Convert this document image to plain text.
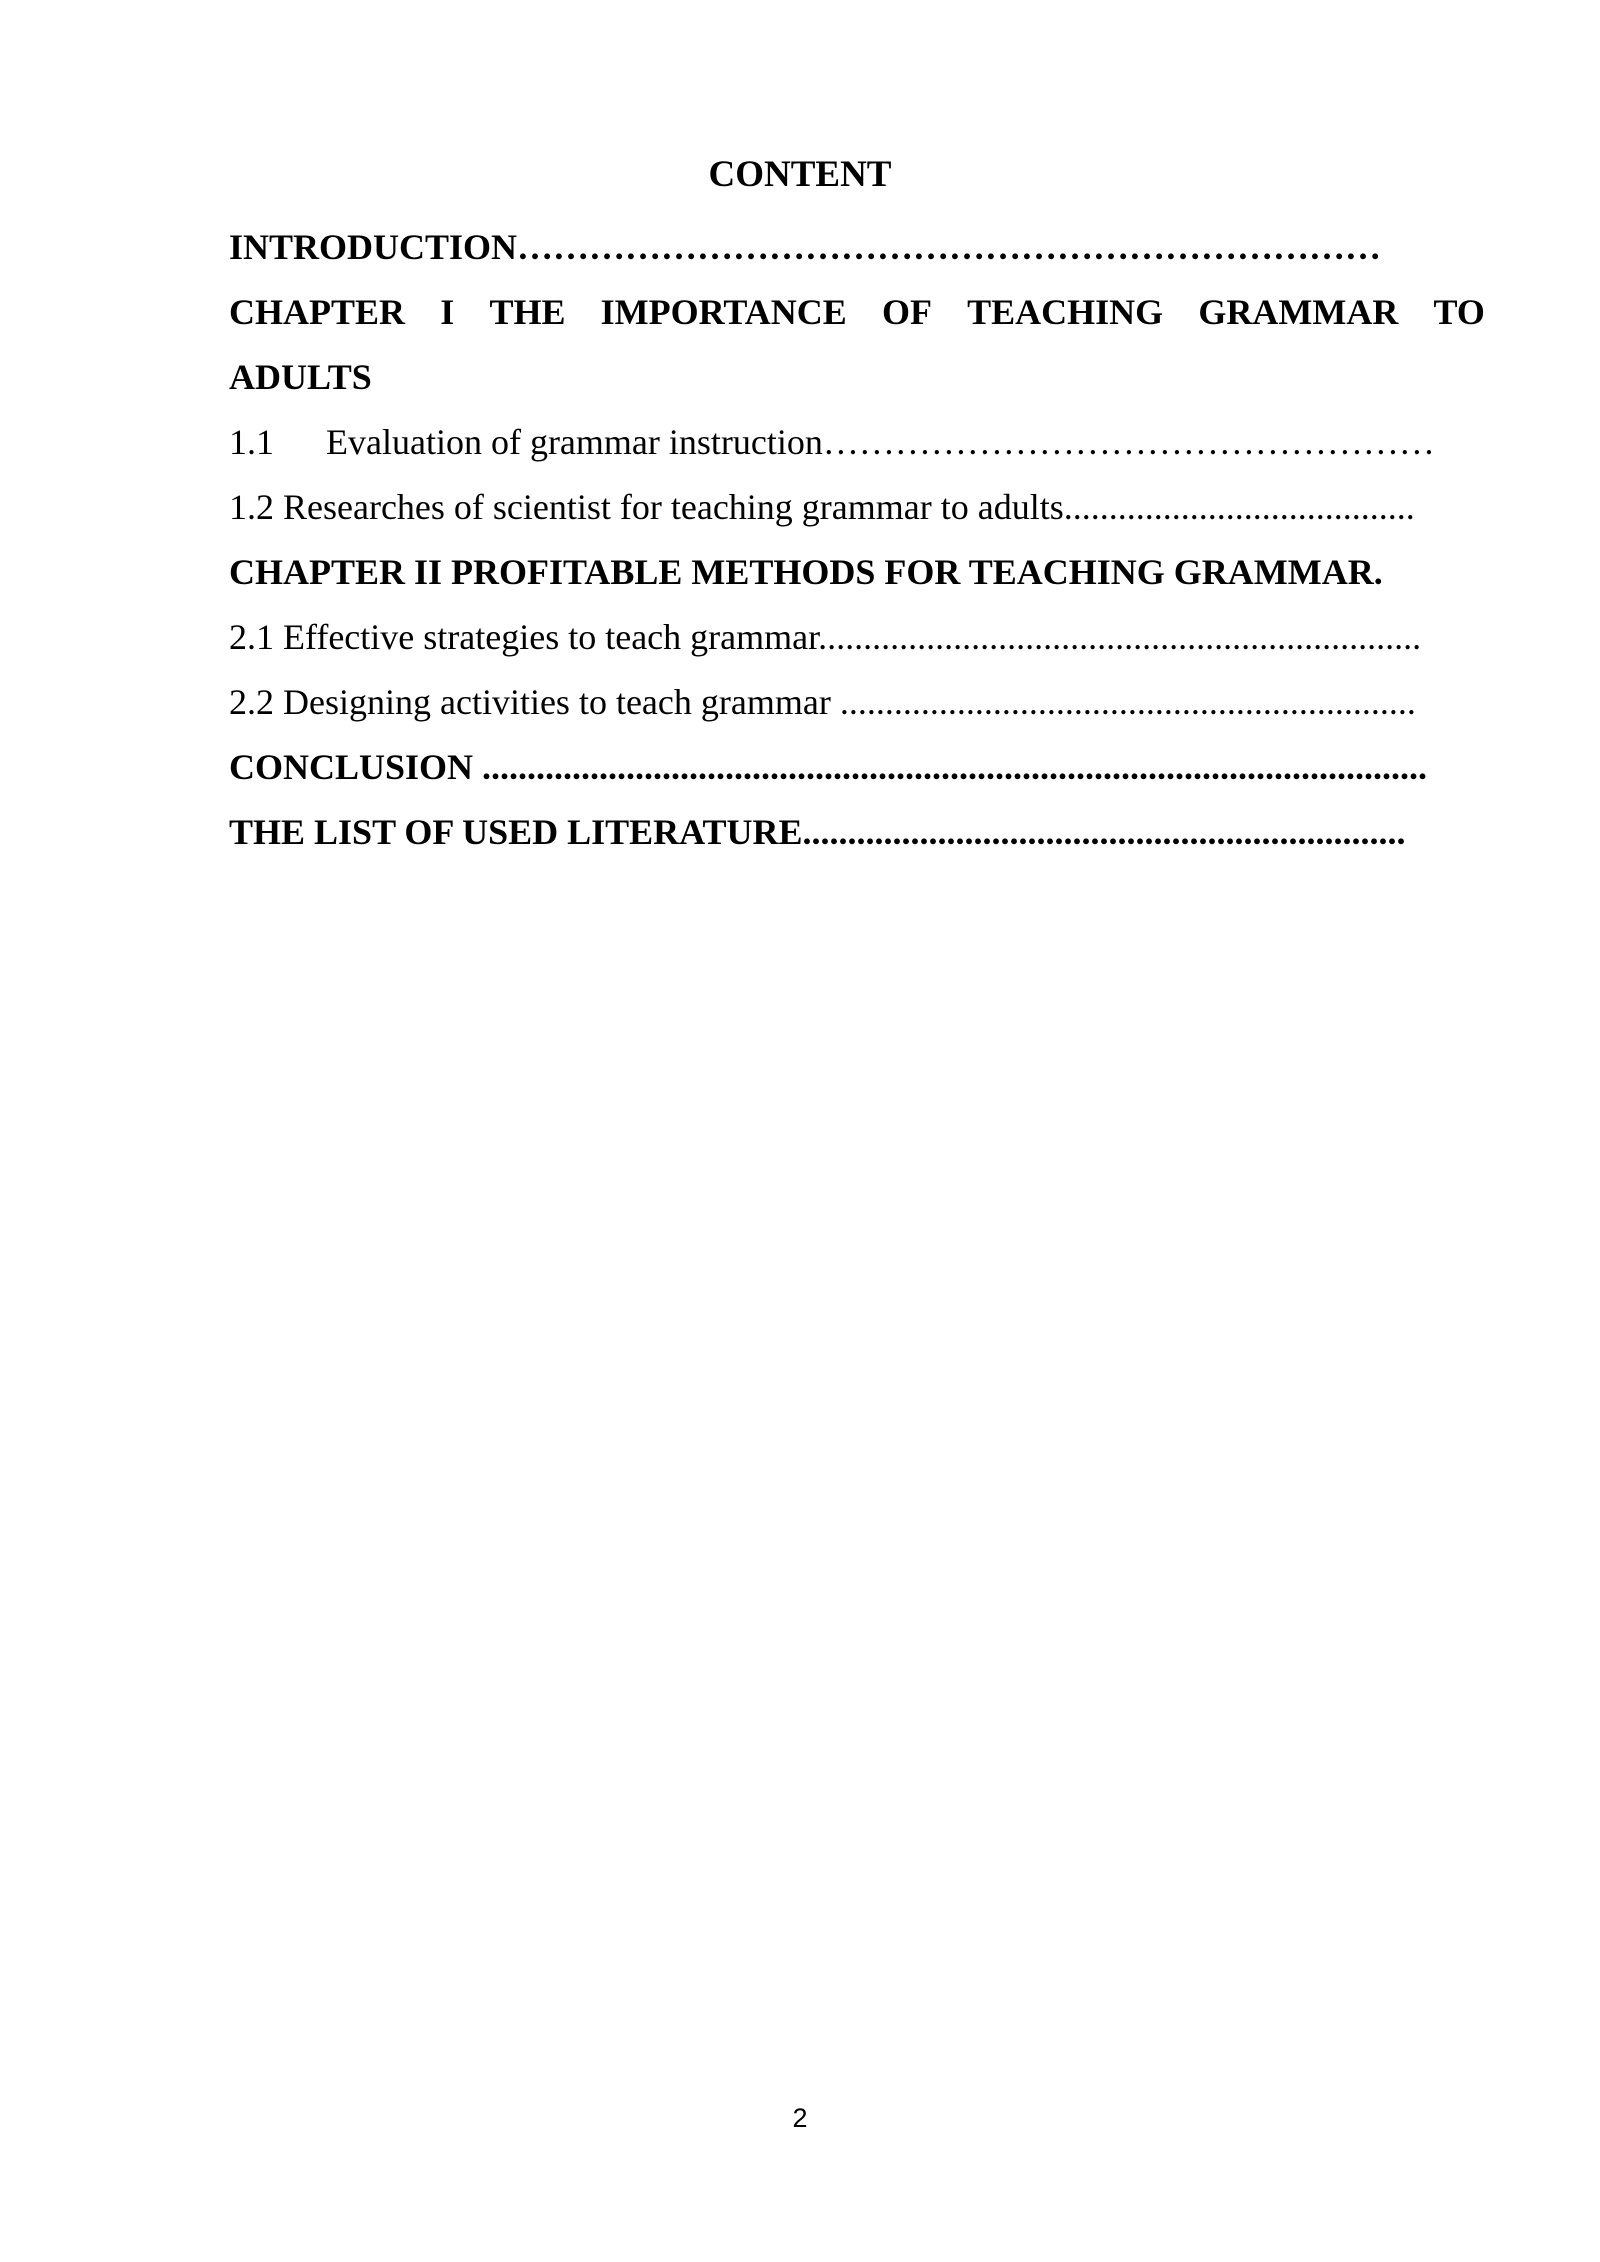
CONTENT
INTRODUCTION………………………………………………………………
CHAPTER I THE IMPORTANCE OF TEACHING GRAMMAR TO
ADULTS
1.1 Evaluation of grammar instruction……………………………………………
1.2 Researches of scientist for teaching grammar to adults.......................................
CHAPTER II PROFITABLE METHODS FOR TEACHING GRAMMAR.
2.1 Effective strategies to teach grammar...................................................................
2.2 Designing activities to teach grammar ................................................................
CONCLUSION .........................................................................................................
THE LIST OF USED LITERATURE...................................................................
2
